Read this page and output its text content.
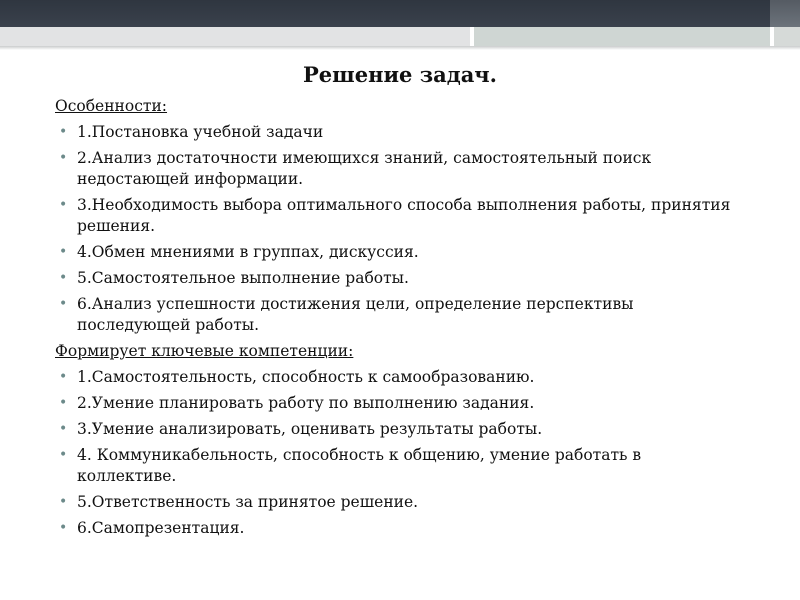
Решение задач.
Особенности:
• 1.Постановка учебной задачи
• 2.Анализ достаточности имеющихся знаний, самостоятельный поиск недостающей информации.
• 3.Необходимость выбора оптимального способа выполнения работы, принятия решения.
• 4.Обмен мнениями в группах, дискуссия.
• 5.Самостоятельное выполнение работы.
• 6.Анализ успешности достижения цели, определение перспективы последующей работы.
Формирует ключевые компетенции:
• 1.Самостоятельность, способность к самообразованию.
• 2.Умение планировать работу по выполнению задания.
• 3.Умение анализировать, оценивать результаты работы.
• 4. Коммуникабельность, способность к общению, умение работать в коллективе.
• 5.Ответственность за принятое решение.
• 6.Самопрезентация.
